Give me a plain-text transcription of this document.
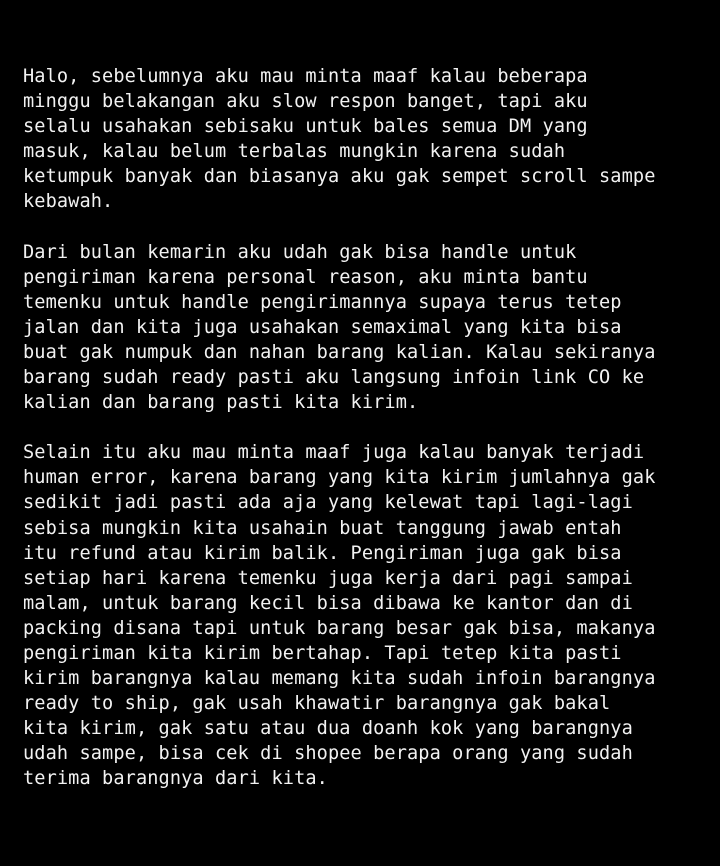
Halo, sebelumnya aku mau minta maaf kalau beberapa
minggu belakangan aku slow respon banget, tapi aku
selalu usahakan sebisaku untuk bales semua DM yang
masuk, kalau belum terbalas mungkin karena sudah
ketumpuk banyak dan biasanya aku gak sempet scroll sampe
kebawah.
Dari bulan kemarin aku udah gak bisa handle untuk
pengiriman karena personal reason, aku minta bantu
temenku untuk handle pengirimannya supaya terus tetep
jalan dan kita juga usahakan semaximal yang kita bisa
buat gak numpuk dan nahan barang kalian. Kalau sekiranya
barang sudah ready pasti aku langsung infoin link CO ke
kalian dan barang pasti kita kirim.
Selain itu aku mau minta maaf juga kalau banyak terjadi
human error, karena barang yang kita kirim jumlahnya gak
sedikit jadi pasti ada aja yang kelewat tapi lagi-lagi
sebisa mungkin kita usahain buat tanggung jawab entah
itu refund atau kirim balik. Pengiriman juga gak bisa
setiap hari karena temenku juga kerja dari pagi sampai
malam, untuk barang kecil bisa dibawa ke kantor dan di
packing disana tapi untuk barang besar gak bisa, makanya
pengiriman kita kirim bertahap. Tapi tetep kita pasti
kirim barangnya kalau memang kita sudah infoin barangnya
ready to ship, gak usah khawatir barangnya gak bakal
kita kirim, gak satu atau dua doanh kok yang barangnya
udah sampe, bisa cek di shopee berapa orang yang sudah
terima barangnya dari kita.
